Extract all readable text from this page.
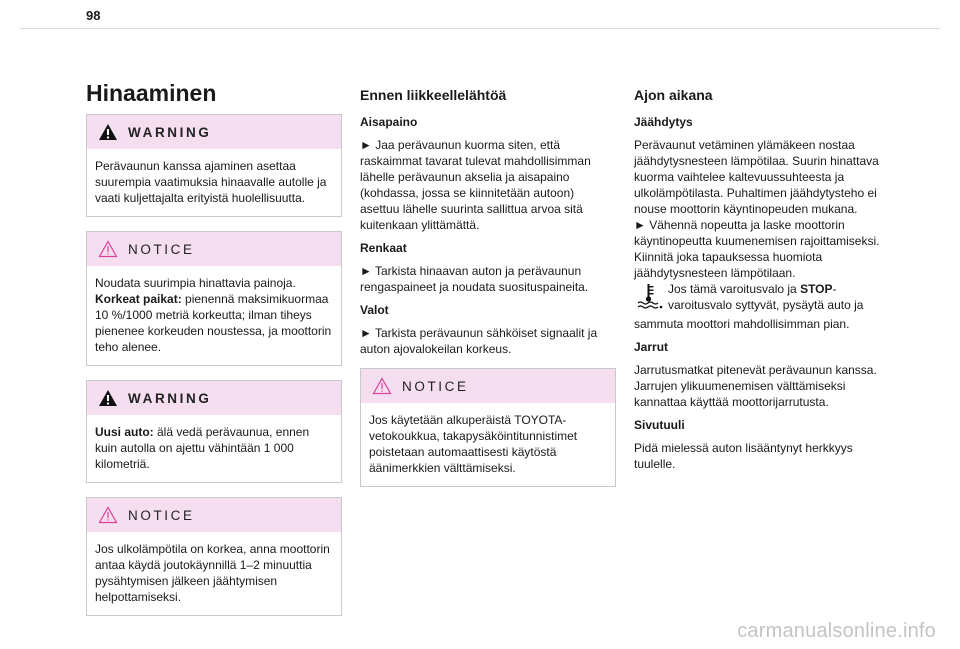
98
Hinaaminen
WARNING

Perävaunun kanssa ajaminen asettaa suurempia vaatimuksia hinaavalle autolle ja vaati kuljettajalta erityistä huolellisuutta.

NOTICE

Noudata suurimpia hinattavia painoja.

Korkeat paikat: pienennä maksimikuormaa 10 %/1000 metriä korkeutta; ilman tiheys pienenee korkeuden noustessa, ja moottorin teho alenee.

WARNING

Uusi auto: älä vedä perävaunua, ennen kuin autolla on ajettu vähintään 1 000 kilometriä.

NOTICE

Jos ulkolämpötila on korkea, anna moottorin antaa käydä joutokäynnillä 1–2 minuuttia pysähtymisen jälkeen jäähtymisen helpottamiseksi.

Ennen liikkeellelähtöä
Aisapaino

► Jaa perävaunun kuorma siten, että raskaimmat tavarat tulevat mahdollisimman lähelle perävaunun akselia ja aisapaino (kohdassa, jossa se kiinnitetään autoon) asettuu lähelle suurinta sallittua arvoa sitä kuitenkaan ylittämättä.

Renkaat

► Tarkista hinaavan auton ja perävaunun rengaspaineet ja noudata suosituspaineita.

Valot

► Tarkista perävaunun sähköiset signaalit ja auton ajovalokeilan korkeus.

NOTICE

Jos käytetään alkuperäistä TOYOTA-vetokoukkua, takapysäköintitunnistimet poistetaan automaattisesti käytöstä äänimerkkien välttämiseksi.

Ajon aikana
Jäähdytys

Perävaunut vetäminen ylämäkeen nostaa jäähdytysnesteen lämpötilaa. Suurin hinattava kuorma vaihtelee kaltevuussuhteesta ja ulkolämpötilasta. Puhaltimen jäähdytysteho ei nouse moottorin käyntinopeuden mukana.

► Vähennä nopeutta ja laske moottorin käyntinopeutta kuumenemisen rajoittamiseksi. Kiinnitä joka tapauksessa huomiota jäähdytysnesteen lämpötilaan.

Jos tämä varoitusvalo ja STOP-varoitusvalo syttyvät, pysäytä auto ja

sammuta moottori mahdollisimman pian.

Jarrut

Jarrutusmatkat pitenevät perävaunun kanssa. Jarrujen ylikuumenemisen välttämiseksi kannattaa käyttää moottorijarrutusta.

Sivutuuli

Pidä mielessä auton lisääntynyt herkkyys tuulelle.

carmanualsonline.info
